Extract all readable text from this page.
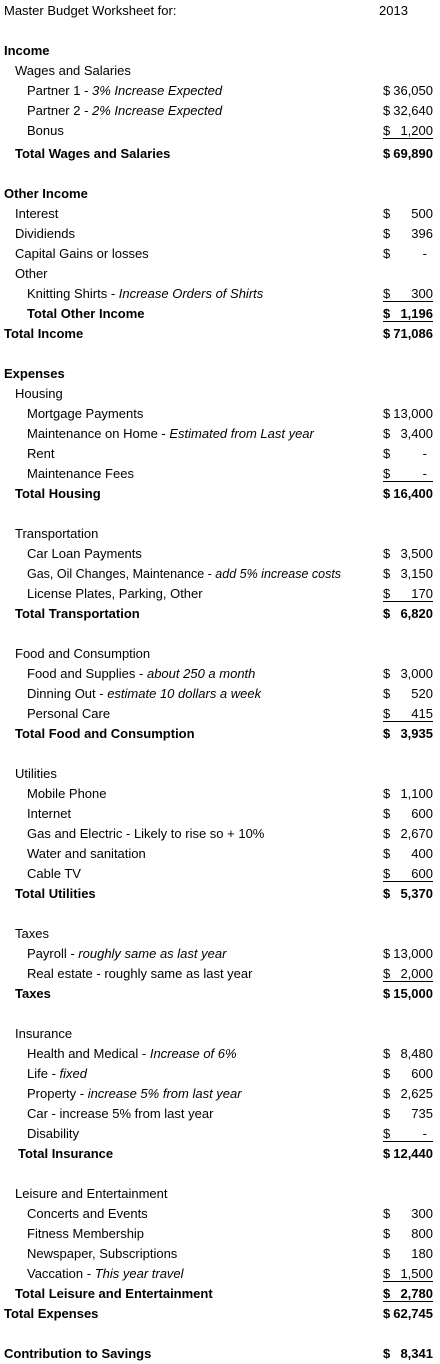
Master Budget Worksheet for:	2013
Income
Wages and Salaries
Partner 1 - 3% Increase Expected	$ 36,050
Partner 2 - 2% Increase Expected	$ 32,640
Bonus	$ 1,200
Total Wages and Salaries	$ 69,890
Other Income
Interest	$ 500
Dividiends	$ 396
Capital Gains or losses	$ -
Other
Knitting Shirts - Increase Orders of Shirts	$ 300
Total Other Income	$ 1,196
Total Income	$ 71,086
Expenses
Housing
Mortgage Payments	$ 13,000
Maintenance on Home - Estimated from Last year	$ 3,400
Rent	$ -
Maintenance Fees	$ -
Total Housing	$ 16,400
Transportation
Car Loan Payments	$ 3,500
Gas, Oil Changes, Maintenance - add 5% increase costs	$ 3,150
License Plates, Parking, Other	$ 170
Total Transportation	$ 6,820
Food and Consumption
Food and Supplies - about 250 a month	$ 3,000
Dinning Out - estimate 10 dollars a week	$ 520
Personal Care	$ 415
Total Food and Consumption	$ 3,935
Utilities
Mobile Phone	$ 1,100
Internet	$ 600
Gas and Electric - Likely to rise so + 10%	$ 2,670
Water and sanitation	$ 400
Cable TV	$ 600
Total Utilities	$ 5,370
Taxes
Payroll - roughly same as last year	$ 13,000
Real estate - roughly same as last year	$ 2,000
Taxes	$ 15,000
Insurance
Health and Medical - Increase of 6%	$ 8,480
Life - fixed	$ 600
Property - increase 5% from last year	$ 2,625
Car - increase 5% from last year	$ 735
Disability	$ -
Total Insurance	$ 12,440
Leisure and Entertainment
Concerts and Events	$ 300
Fitness Membership	$ 800
Newspaper, Subscriptions	$ 180
Vaccation - This year travel	$ 1,500
Total Leisure and Entertainment	$ 2,780
Total Expenses	$ 62,745
Contribution to Savings	$ 8,341
